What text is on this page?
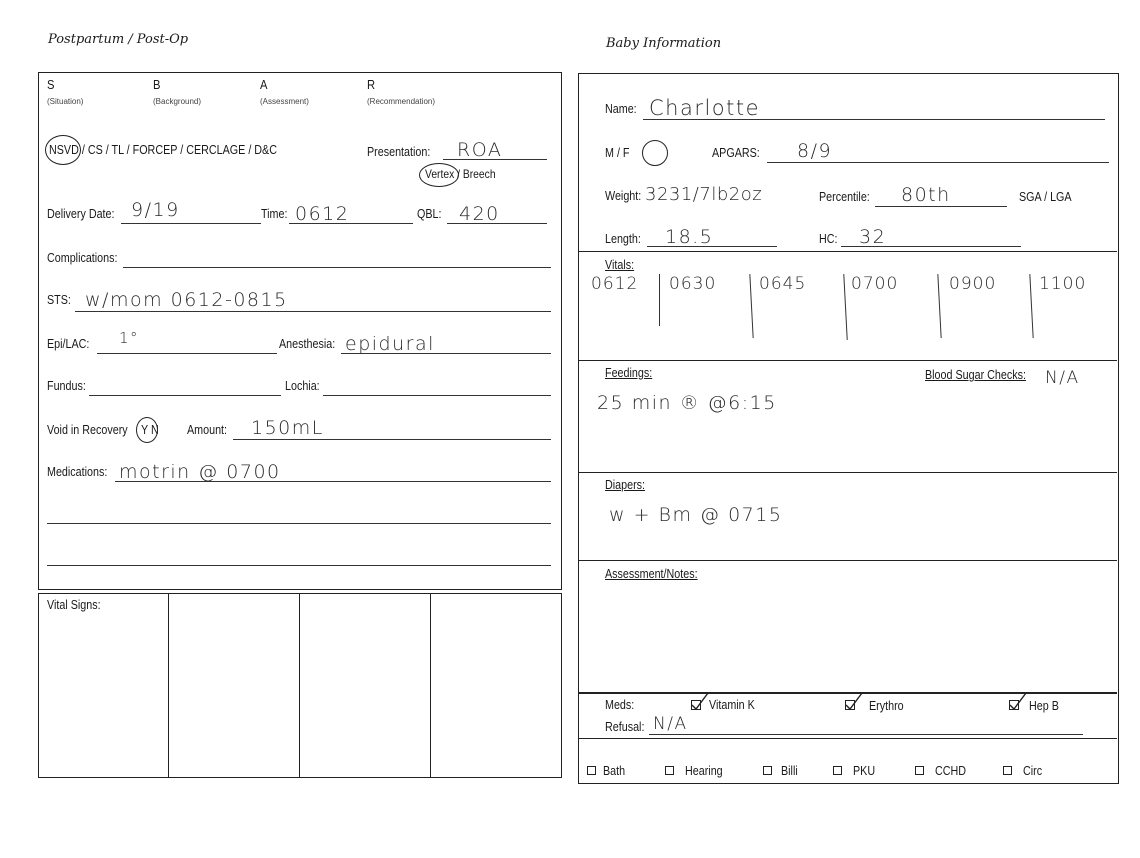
Postpartum / Post-Op
S
(Situation)
B
(Background)
A
(Assessment)
R
(Recommendation)
NSVD / CS / TL / FORCEP / CERCLAGE / D&C	Presentation: ROA
Vertex / Breech
Delivery Date: 9/19	Time: 0612	QBL: 420
Complications:
STS: w/mom 0612-0815
Epi/LAC: 1°	Anesthesia: epidural
Fundus:	Lochia:
Void in Recovery Y N Amount: 150mL
Medications: motrin @ 0700
Vital Signs:
Baby Information
Name: Charlotte
M / F	APGARS: 8/9
Weight: 3231/7lb2oz	Percentile: 80th	SGA / LGA
Length: 18.5	HC: 32
Vitals:
0612 0630	0645	0700	0900	1100
Feedings:
25 min ® @6:15
Blood Sugar Checks: N/A
Diapers:
w + Bm @ 0715
Assessment/Notes:
Meds:	Vitamin K	Erythro	Hep B
Refusal: N/A
Bath	Hearing	Billi	PKU	CCHD	Circ
